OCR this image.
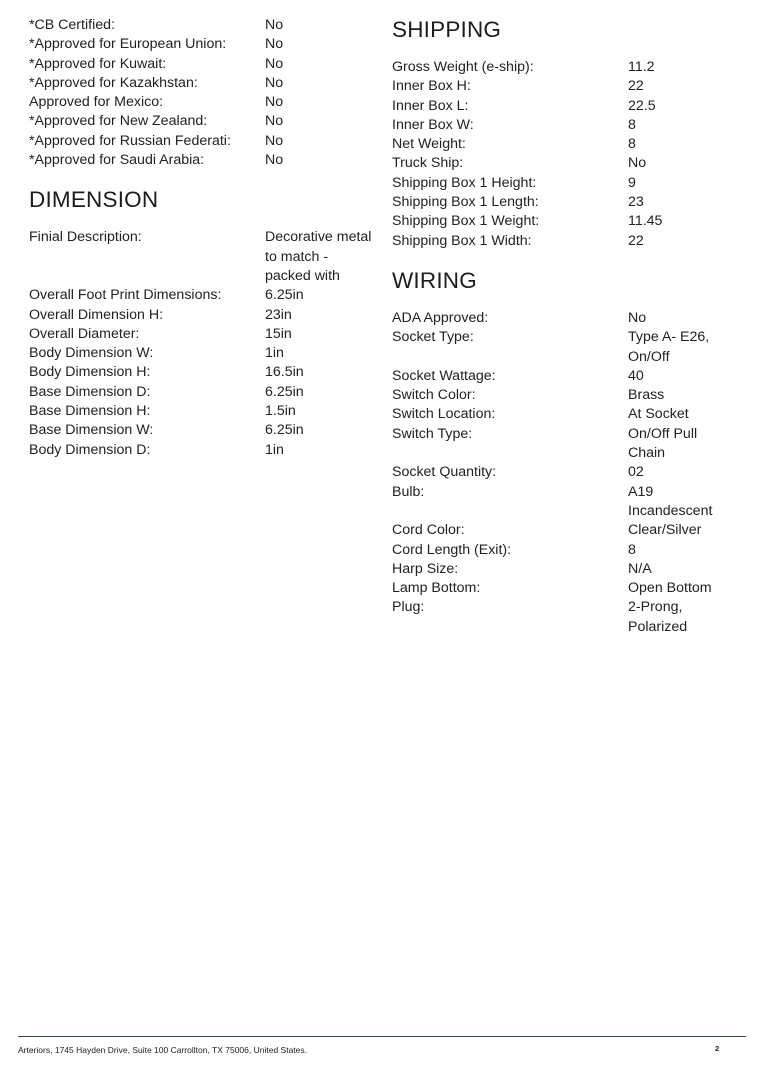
*CB Certified:	No
*Approved for European Union:	No
*Approved for Kuwait:	No
*Approved for Kazakhstan:	No
Approved for Mexico:	No
*Approved for New Zealand:	No
*Approved for Russian Federati:	No
*Approved for Saudi Arabia:	No
DIMENSION
Finial Description:	Decorative metal to match - packed with
Overall Foot Print Dimensions:	6.25in
Overall Dimension H:	23in
Overall Diameter:	15in
Body Dimension W:	1in
Body Dimension H:	16.5in
Base Dimension D:	6.25in
Base Dimension H:	1.5in
Base Dimension W:	6.25in
Body Dimension D:	1in
SHIPPING
Gross Weight (e-ship):	11.2
Inner Box H:	22
Inner Box L:	22.5
Inner Box W:	8
Net Weight:	8
Truck Ship:	No
Shipping Box 1 Height:	9
Shipping Box 1 Length:	23
Shipping Box 1 Weight:	11.45
Shipping Box 1 Width:	22
WIRING
ADA Approved:	No
Socket Type:	Type A- E26, On/Off
Socket Wattage:	40
Switch Color:	Brass
Switch Location:	At Socket
Switch Type:	On/Off Pull Chain
Socket Quantity:	02
Bulb:	A19 Incandescent
Cord Color:	Clear/Silver
Cord Length (Exit):	8
Harp Size:	N/A
Lamp Bottom:	Open Bottom
Plug:	2-Prong, Polarized
Arteriors, 1745 Hayden Drive, Suite 100 Carrollton, TX 75006, United States.	2
